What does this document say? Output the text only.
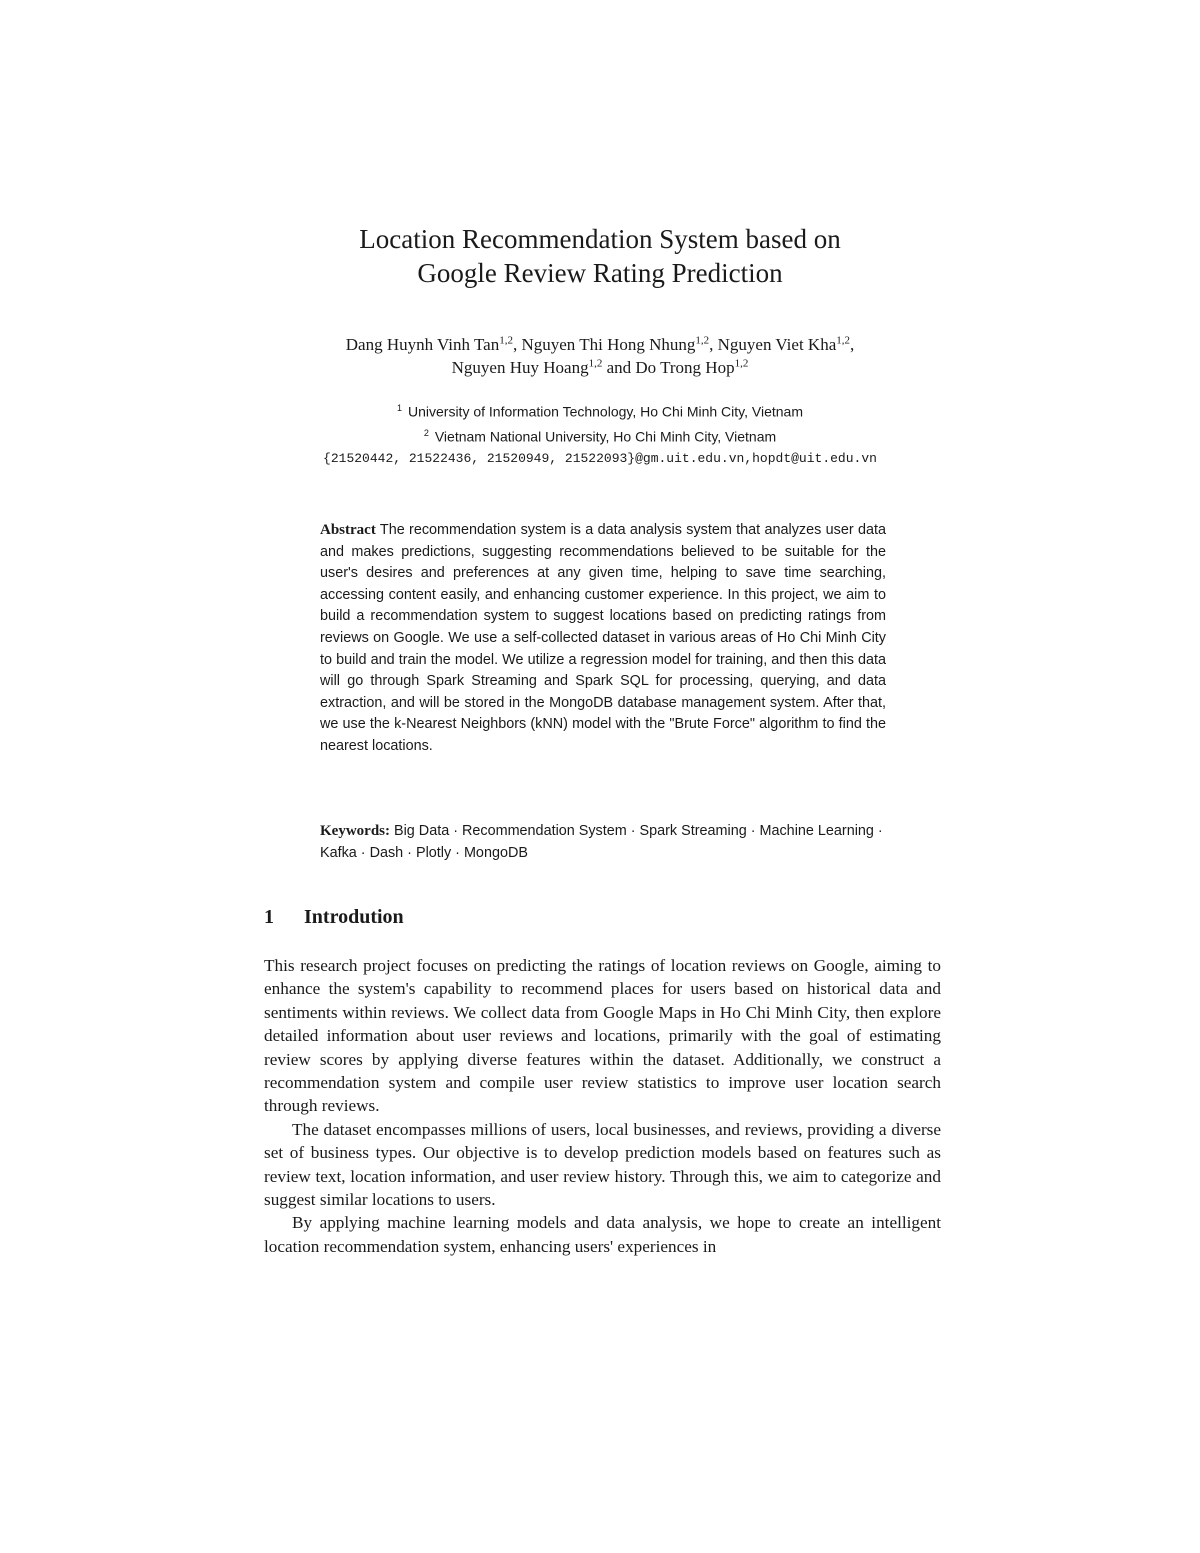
Location Recommendation System based on
Google Review Rating Prediction
Dang Huynh Vinh Tan$^{1,2}$, Nguyen Thi Hong Nhung$^{1,2}$, Nguyen Viet Kha$^{1,2}$,
Nguyen Huy Hoang$^{1,2}$ and Do Trong Hop$^{1,2}$
$^1$ University of Information Technology, Ho Chi Minh City, Vietnam
$^2$ Vietnam National University, Ho Chi Minh City, Vietnam
{21520442, 21522436, 21520949, 21522093}@gm.uit.edu.vn,hopdt@uit.edu.vn
Abstract The recommendation system is a data analysis system that analyzes user data and makes predictions, suggesting recommendations believed to be suitable for the user's desires and preferences at any given time, helping to save time searching, accessing content easily, and enhancing customer experience. In this project, we aim to build a recommendation system to suggest locations based on predicting ratings from reviews on Google. We use a self-collected dataset in various areas of Ho Chi Minh City to build and train the model. We utilize a regression model for training, and then this data will go through Spark Streaming and Spark SQL for processing, querying, and data extraction, and will be stored in the MongoDB database management system. After that, we use the k-Nearest Neighbors (kNN) model with the "Brute Force" algorithm to find the nearest locations.
Keywords: Big Data · Recommendation System · Spark Streaming · Machine Learning · Kafka · Dash · Plotly · MongoDB
1 Introdution

This research project focuses on predicting the ratings of location reviews on Google, aiming to enhance the system's capability to recommend places for users based on historical data and sentiments within reviews. We collect data from Google Maps in Ho Chi Minh City, then explore detailed information about user reviews and locations, primarily with the goal of estimating review scores by applying diverse features within the dataset. Additionally, we construct a recommendation system and compile user review statistics to improve user location search through reviews.

The dataset encompasses millions of users, local businesses, and reviews, providing a diverse set of business types. Our objective is to develop prediction models based on features such as review text, location information, and user review history. Through this, we aim to categorize and suggest similar locations to users.

By applying machine learning models and data analysis, we hope to create an intelligent location recommendation system, enhancing users' experiences in
